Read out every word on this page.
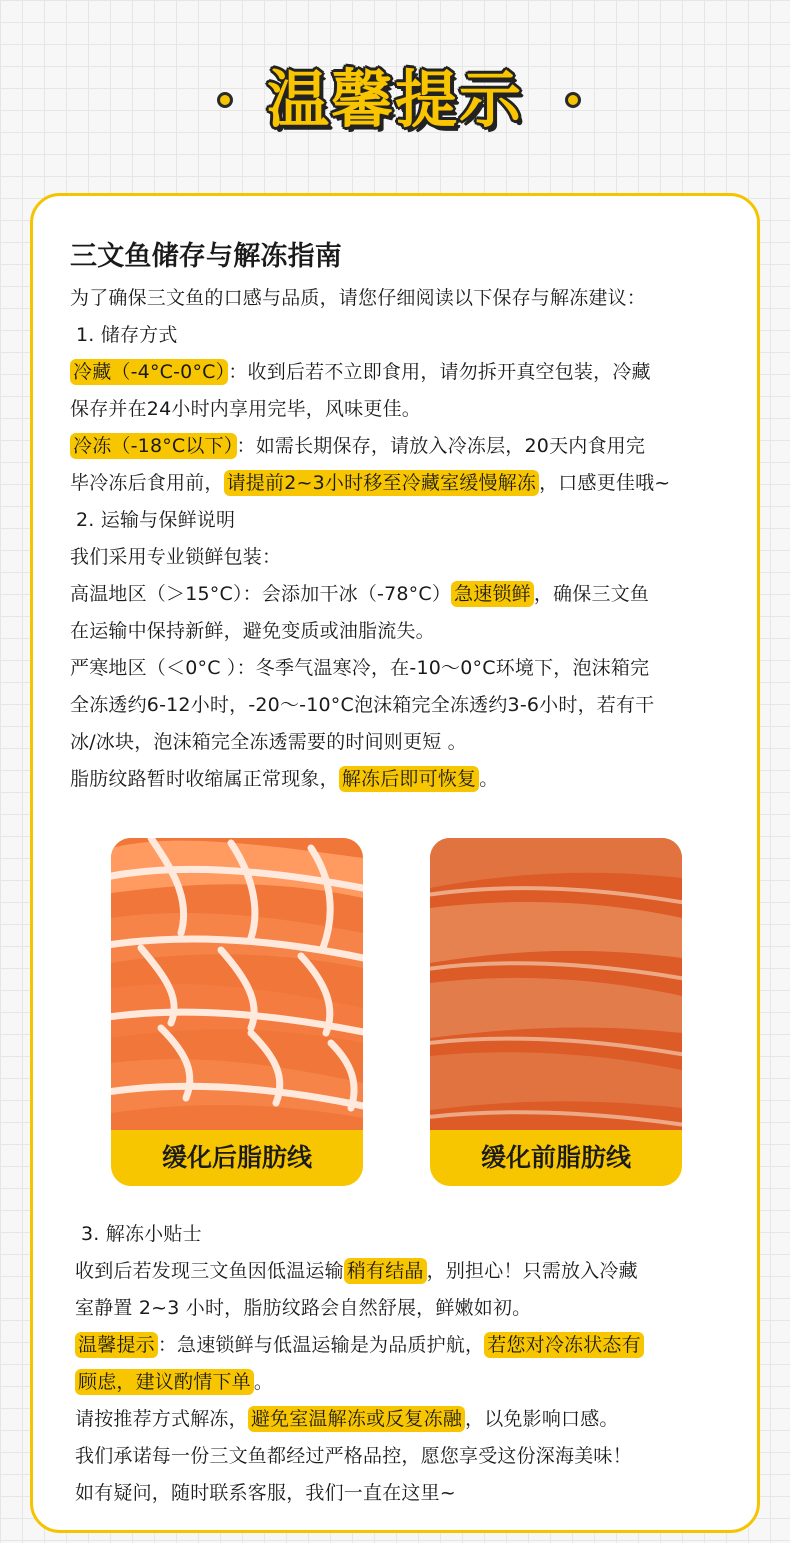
温馨提示
三文鱼储存与解冻指南
为了确保三文鱼的口感与品质，请您仔细阅读以下保存与解冻建议：
1. 储存方式
冷藏（-4°C-0°C） ：收到后若不立即食用，请勿拆开真空包装，冷藏
保存并在24小时内享用完毕，风味更佳。
冷冻（-18°C以下） ：如需长期保存，请放入冷冻层，20天内食用完
毕冷冻后食用前， 请提前2~3小时移至冷藏室缓慢解冻 ，口感更佳哦~
2. 运输与保鲜说明
我们采用专业锁鲜包装：
高温地区（＞15°C）：会添加干冰（-78°C） 急速锁鲜 ，确保三文鱼
在运输中保持新鲜，避免变质或油脂流失。
严寒地区（＜0°C ）：冬季气温寒冷，在-10～0°C环境下，泡沫箱完
全冻透约6-12小时，-20～-10°C泡沫箱完全冻透约3-6小时，若有干
冰/冰块，泡沫箱完全冻透需要的时间则更短 。
脂肪纹路暂时收缩属正常现象， 解冻后即可恢复 。
缓化后脂肪线	缓化前脂肪线
3. 解冻小贴士
收到后若发现三文鱼因低温运输 稍有结晶 ，别担心！只需放入冷藏
室静置 2~3 小时，脂肪纹路会自然舒展，鲜嫩如初。
温馨提示 ：急速锁鲜与低温运输是为品质护航， 若您对冷冻状态有
顾虑，建议酌情下单 。
请按推荐方式解冻， 避免室温解冻或反复冻融 ，以免影响口感。
我们承诺每一份三文鱼都经过严格品控，愿您享受这份深海美味！
如有疑问，随时联系客服，我们一直在这里~
